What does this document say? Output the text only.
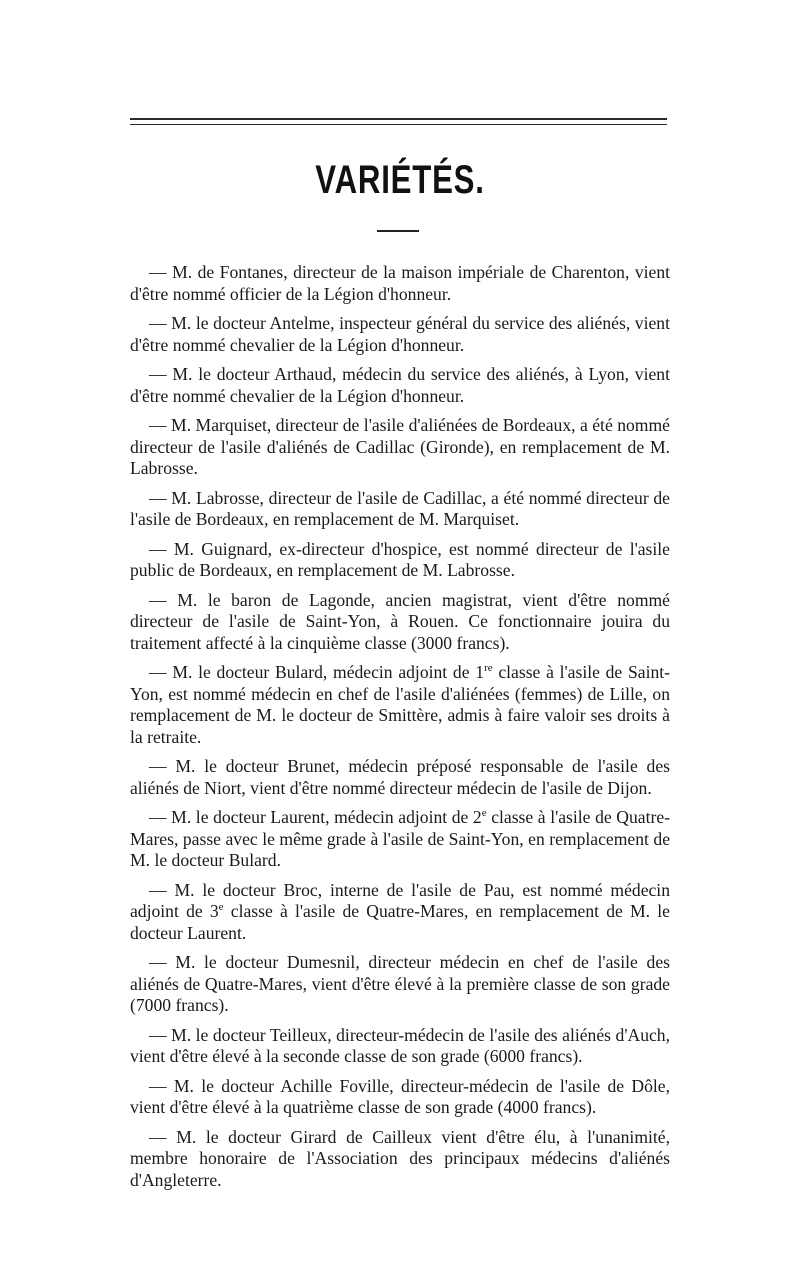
VARIÉTÉS.

— M. de Fontanes, directeur de la maison impériale de Charenton, vient d'être nommé officier de la Légion d'honneur.

— M. le docteur Antelme, inspecteur général du service des aliénés, vient d'être nommé chevalier de la Légion d'honneur.

— M. le docteur Arthaud, médecin du service des aliénés, à Lyon, vient d'être nommé chevalier de la Légion d'honneur.

— M. Marquiset, directeur de l'asile d'aliénées de Bordeaux, a été nommé directeur de l'asile d'aliénés de Cadillac (Gironde), en remplacement de M. Labrosse.

— M. Labrosse, directeur de l'asile de Cadillac, a été nommé directeur de l'asile de Bordeaux, en remplacement de M. Marquiset.

— M. Guignard, ex-directeur d'hospice, est nommé directeur de l'asile public de Bordeaux, en remplacement de M. Labrosse.

— M. le baron de Lagonde, ancien magistrat, vient d'être nommé directeur de l'asile de Saint-Yon, à Rouen. Ce fonctionnaire jouira du traitement affecté à la cinquième classe (3000 francs).

— M. le docteur Bulard, médecin adjoint de 1re classe à l'asile de Saint-Yon, est nommé médecin en chef de l'asile d'aliénées (femmes) de Lille, on remplacement de M. le docteur de Smittère, admis à faire valoir ses droits à la retraite.

— M. le docteur Brunet, médecin préposé responsable de l'asile des aliénés de Niort, vient d'être nommé directeur médecin de l'asile de Dijon.

— M. le docteur Laurent, médecin adjoint de 2e classe à l'asile de Quatre-Mares, passe avec le même grade à l'asile de Saint-Yon, en remplacement de M. le docteur Bulard.

— M. le docteur Broc, interne de l'asile de Pau, est nommé médecin adjoint de 3e classe à l'asile de Quatre-Mares, en remplacement de M. le docteur Laurent.

— M. le docteur Dumesnil, directeur médecin en chef de l'asile des aliénés de Quatre-Mares, vient d'être élevé à la première classe de son grade (7000 francs).

— M. le docteur Teilleux, directeur-médecin de l'asile des aliénés d'Auch, vient d'être élevé à la seconde classe de son grade (6000 francs).

— M. le docteur Achille Foville, directeur-médecin de l'asile de Dôle, vient d'être élevé à la quatrième classe de son grade (4000 francs).

— M. le docteur Girard de Cailleux vient d'être élu, à l'unanimité, membre honoraire de l'Association des principaux médecins d'aliénés d'Angleterre.
